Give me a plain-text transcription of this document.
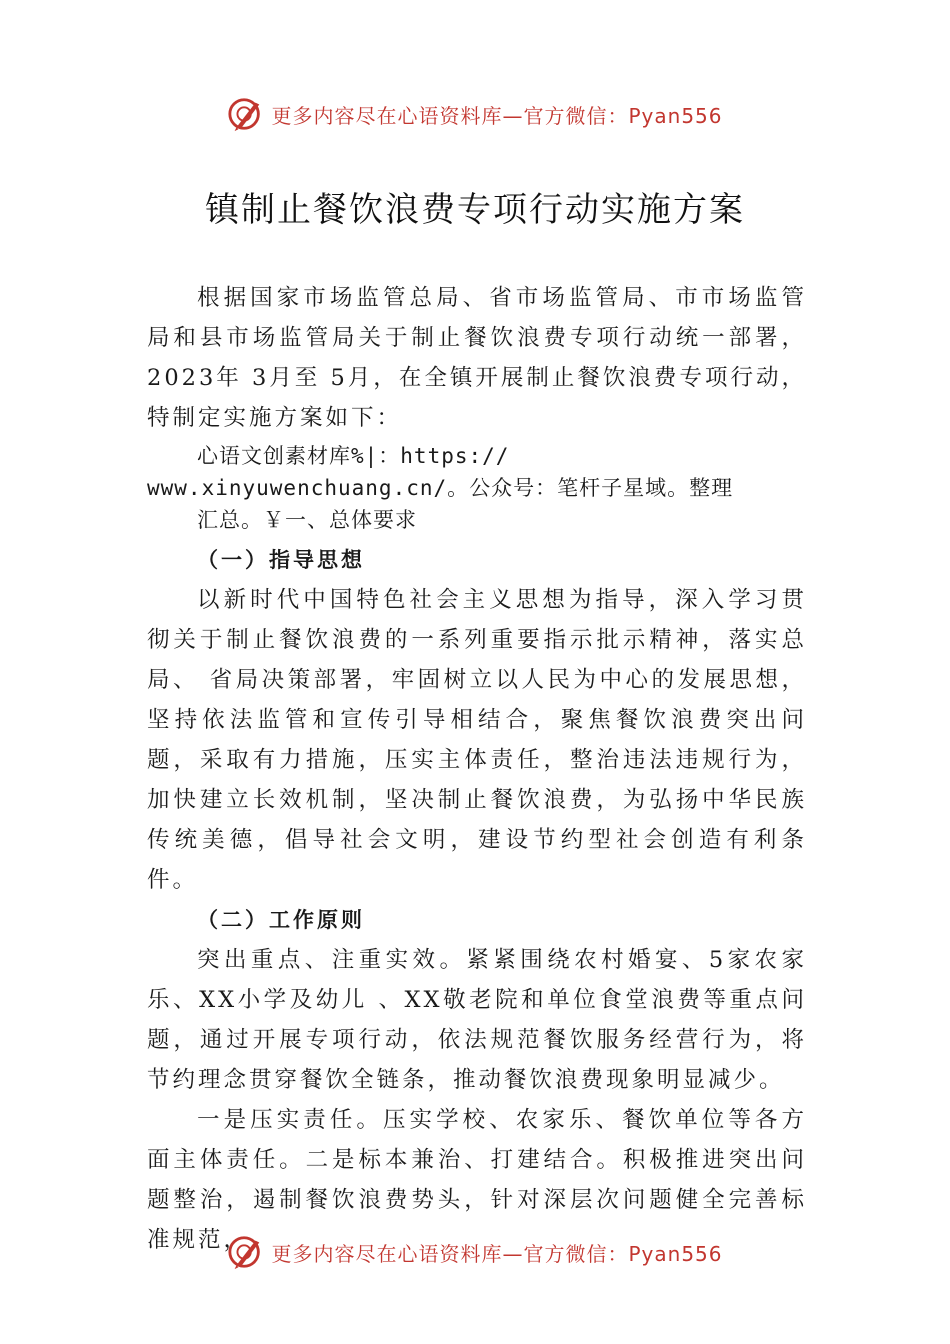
更多内容尽在心语资料库—官方微信：Pyan556
镇制止餐饮浪费专项行动实施方案

根据国家市场监管总局、省市场监管局、市市场监管局和县市场监管局关于制止餐饮浪费专项行动统一部署，2023年 3月至 5月，在全镇开展制止餐饮浪费专项行动，特制定实施方案如下：

心语文创素材库%|：https://

www.xinyuwenchuang.cn/。公众号：笔杆子星域。整理

汇总。￥一、总体要求

（一）指导思想

以新时代中国特色社会主义思想为指导，深入学习贯彻关于制止餐饮浪费的一系列重要指示批示精神，落实总局、 省局决策部署，牢固树立以人民为中心的发展思想，坚持依法监管和宣传引导相结合，聚焦餐饮浪费突出问题，采取有力措施，压实主体责任，整治违法违规行为，加快建立长效机制，坚决制止餐饮浪费，为弘扬中华民族传统美德，倡导社会文明，建设节约型社会创造有利条件。

（二）工作原则

突出重点、注重实效。紧紧围绕农村婚宴、5家农家乐、XX小学及幼儿 、XX敬老院和单位食堂浪费等重点问题，通过开展专项行动，依法规范餐饮服务经营行为，将节约理念贯穿餐饮全链条，推动餐饮浪费现象明显减少。

一是压实责任。压实学校、农家乐、餐饮单位等各方面主体责任。二是标本兼治、打建结合。积极推进突出问题整治，遏制餐饮浪费势头，针对深层次问题健全完善标准规范，

更多内容尽在心语资料库—官方微信：Pyan556
